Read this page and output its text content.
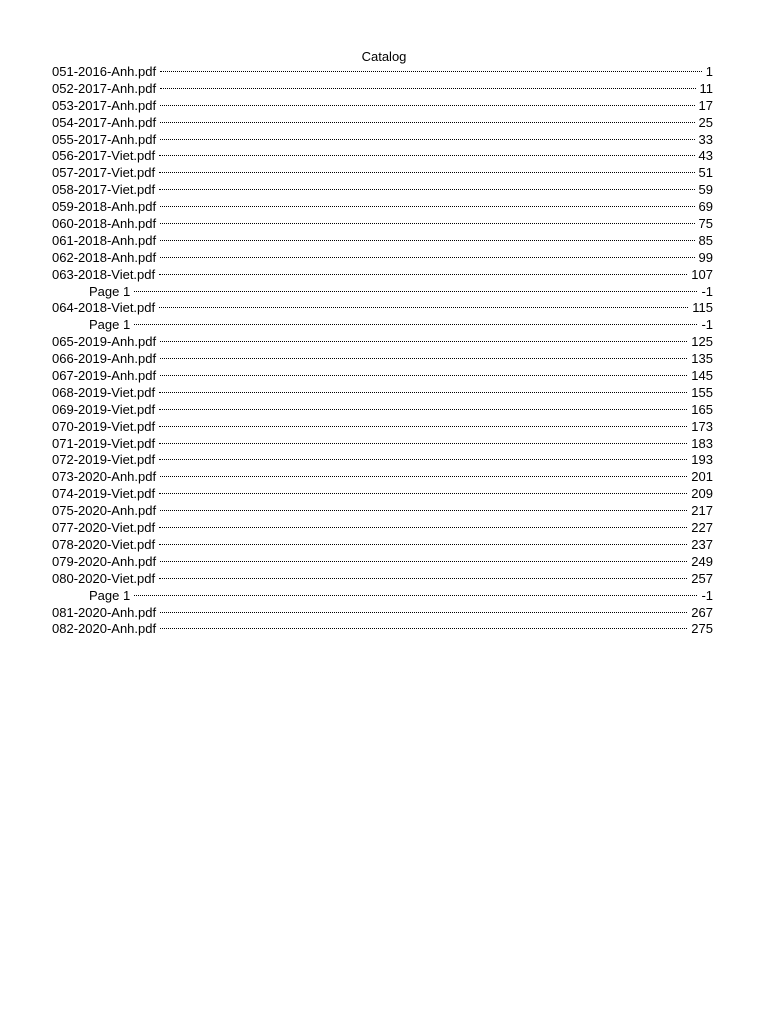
Catalog
051-2016-Anh.pdf	1
052-2017-Anh.pdf	11
053-2017-Anh.pdf	17
054-2017-Anh.pdf	25
055-2017-Anh.pdf	33
056-2017-Viet.pdf	43
057-2017-Viet.pdf	51
058-2017-Viet.pdf	59
059-2018-Anh.pdf	69
060-2018-Anh.pdf	75
061-2018-Anh.pdf	85
062-2018-Anh.pdf	99
063-2018-Viet.pdf	107
Page 1	-1
064-2018-Viet.pdf	115
Page 1	-1
065-2019-Anh.pdf	125
066-2019-Anh.pdf	135
067-2019-Anh.pdf	145
068-2019-Viet.pdf	155
069-2019-Viet.pdf	165
070-2019-Viet.pdf	173
071-2019-Viet.pdf	183
072-2019-Viet.pdf	193
073-2020-Anh.pdf	201
074-2019-Viet.pdf	209
075-2020-Anh.pdf	217
077-2020-Viet.pdf	227
078-2020-Viet.pdf	237
079-2020-Anh.pdf	249
080-2020-Viet.pdf	257
Page 1	-1
081-2020-Anh.pdf	267
082-2020-Anh.pdf	275
